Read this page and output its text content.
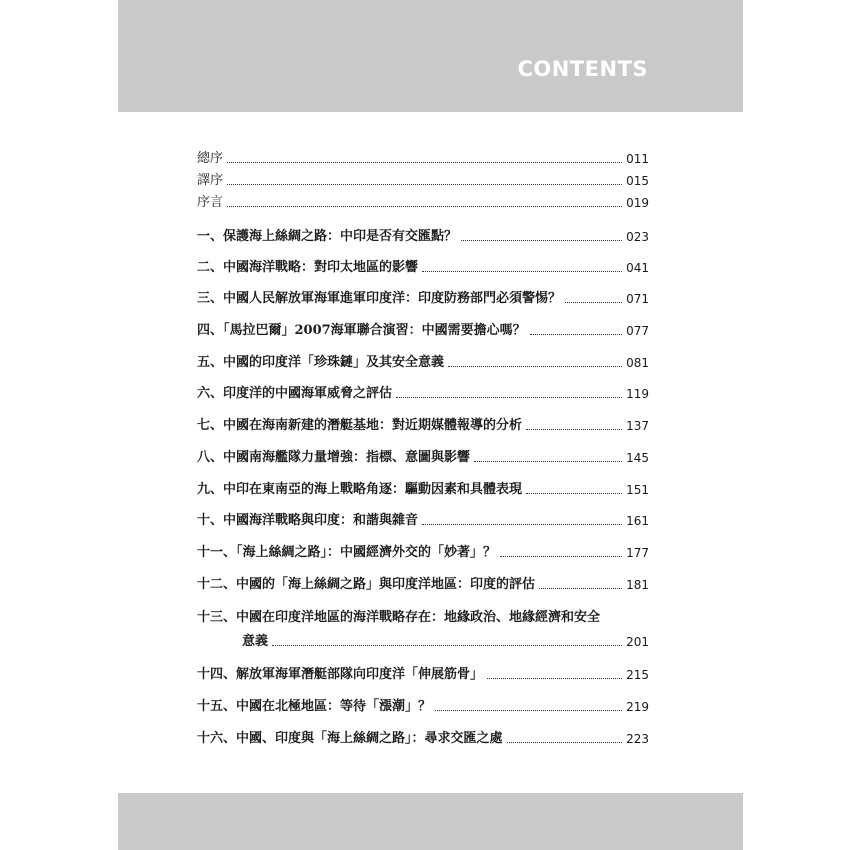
CONTENTS
總序	011
譯序	015
序言	019
一、保護海上絲綢之路：中印是否有交匯點？	023
二、中國海洋戰略：對印太地區的影響	041
三、中國人民解放軍海軍進軍印度洋：印度防務部門必須警惕？	071
四、「馬拉巴爾」2007海軍聯合演習：中國需要擔心嗎？	077
五、中國的印度洋「珍珠鏈」及其安全意義	081
六、印度洋的中國海軍威脅之評估	119
七、中國在海南新建的潛艇基地：對近期媒體報導的分析	137
八、中國南海艦隊力量增強：指標、意圖與影響	145
九、中印在東南亞的海上戰略角逐：驅動因素和具體表現	151
十、中國海洋戰略與印度：和諧與雜音	161
十一、「海上絲綢之路」：中國經濟外交的「妙著」？	177
十二、中國的「海上絲綢之路」與印度洋地區：印度的評估	181
十三、中國在印度洋地區的海洋戰略存在：地緣政治、地緣經濟和安全
意義	201
十四、解放軍海軍潛艇部隊向印度洋「伸展筋骨」	215
十五、中國在北極地區：等待「漲潮」？	219
十六、中國、印度與「海上絲綢之路」：尋求交匯之處	223
